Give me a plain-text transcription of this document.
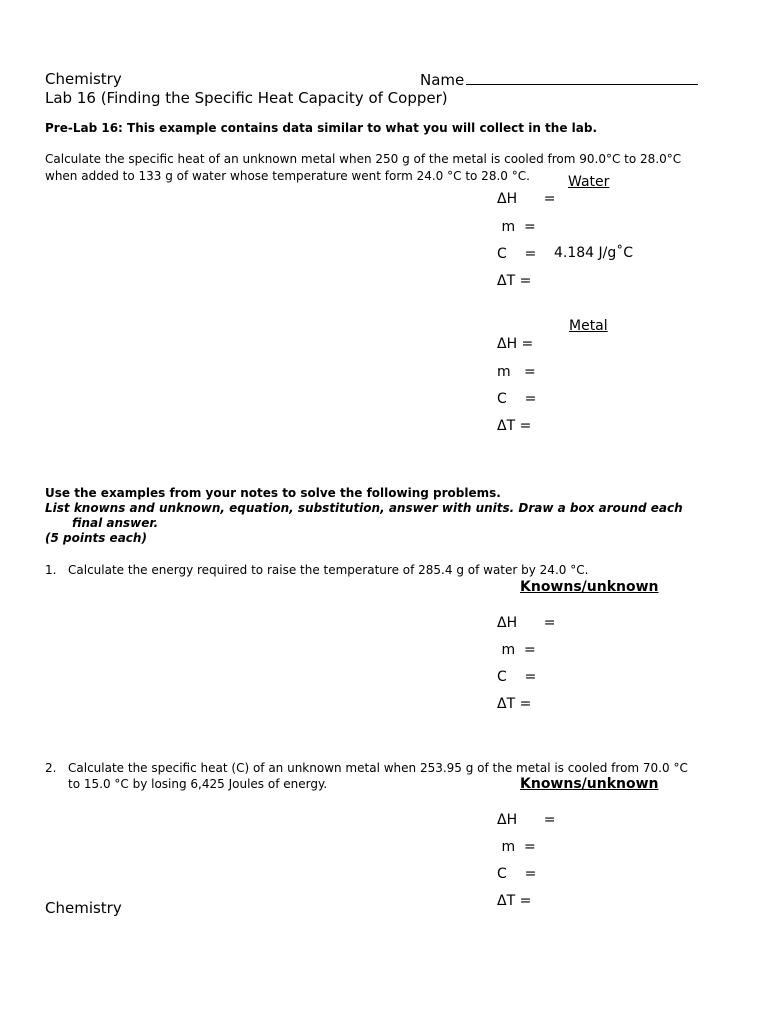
Chemistry	Name
Lab 16 (Finding the Specific Heat Capacity of Copper)
Pre-Lab 16: This example contains data similar to what you will collect in the lab.
Calculate the specific heat of an unknown metal when 250 g of the metal is cooled from 90.0°C to 28.0°C
when added to 133 g of water whose temperature went form 24.0 °C to 28.0 °C.	Water
ΔH      =
m  =
C    = 4.184 J/g˚C
ΔT =
Metal
ΔH =
m   =
C    =
ΔT =
Use the examples from your notes to solve the following problems.
List knowns and unknown, equation, substitution, answer with units. Draw a box around each
final answer.
(5 points each)
1. Calculate the energy required to raise the temperature of 285.4 g of water by 24.0 °C.
Knowns/unknown
ΔH      =
m  =
C    =
ΔT =
2. Calculate the specific heat (C) of an unknown metal when 253.95 g of the metal is cooled from 70.0 °C
to 15.0 °C by losing 6,425 Joules of energy.	Knowns/unknown
ΔH      =
m  =
C    =
ΔT =
Chemistry
